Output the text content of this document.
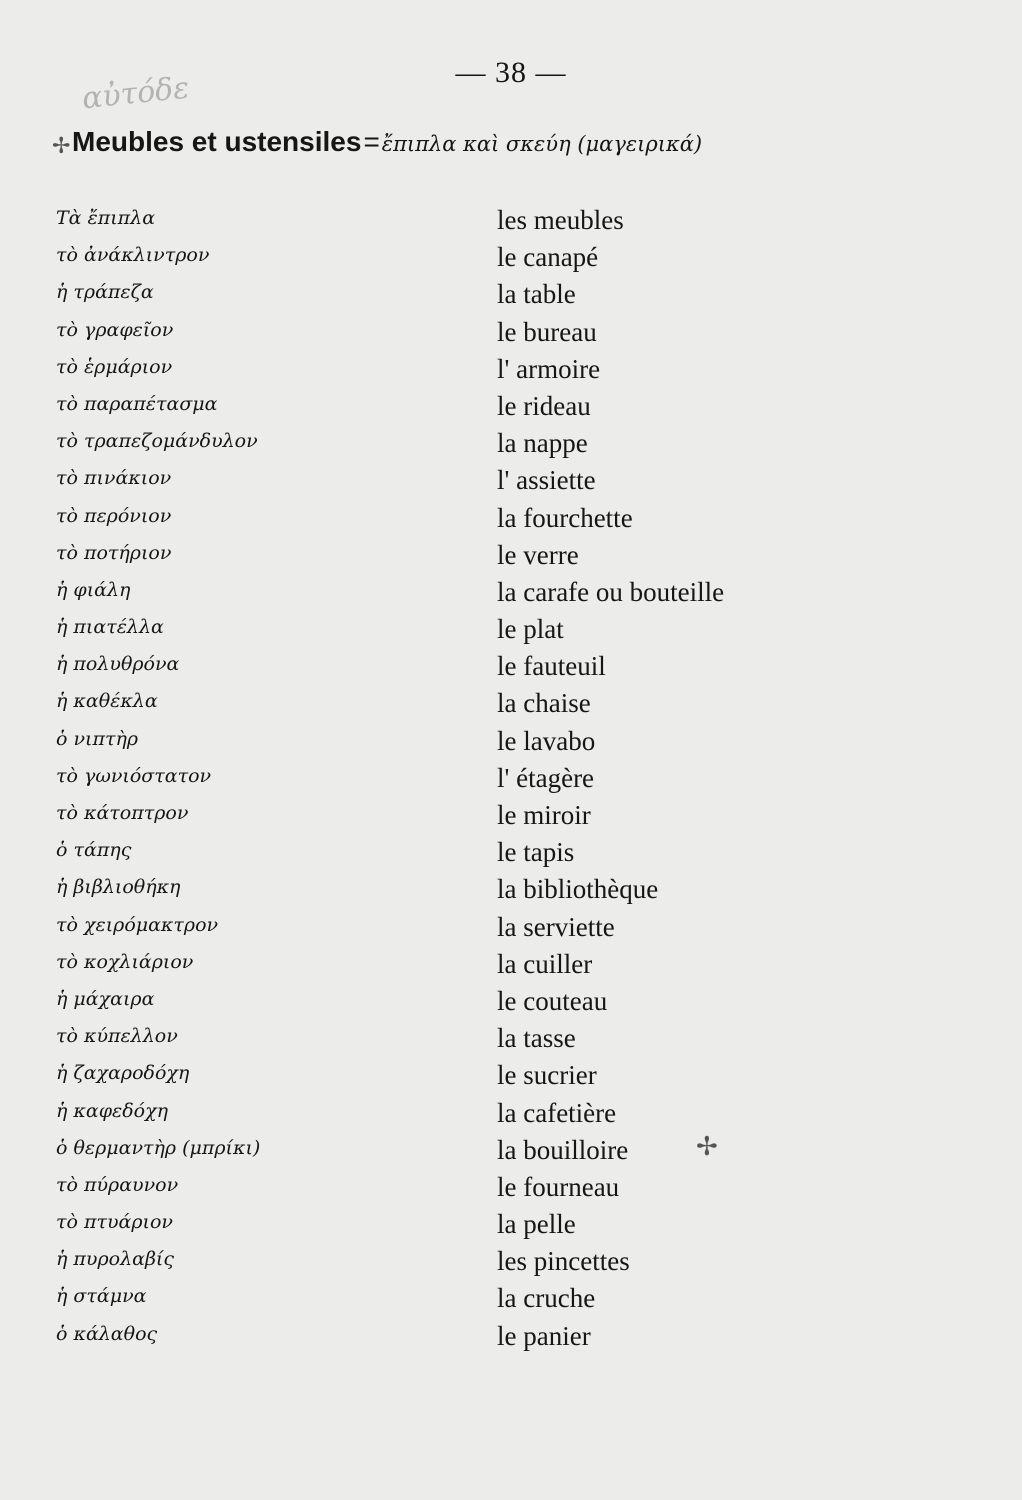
αὐτόδε	— 38 —
✢ Meubles et ustensiles=ἔπιπλα καὶ σκεύη (μαγειρικά)
Τὰ ἔπιπλα
τὸ ἀνάκλιντρον
ἡ τράπεζα
τὸ γραφεῖον
τὸ ἑρμάριον
τὸ παραπέτασμα
τὸ τραπεζομάνδυλον
τὸ πινάκιον
τὸ περόνιον
τὸ ποτήριον
ἡ φιάλη
ἡ πιατέλλα
ἡ πολυθρόνα
ἡ καθέκλα
ὁ νιπτὴρ
τὸ γωνιόστατον
τὸ κάτοπτρον
ὁ τάπης
ἡ βιβλιοθήκη
τὸ χειρόμακτρον
τὸ κοχλιάριον
ἡ μάχαιρα
τὸ κύπελλον
ἡ ζαχαροδόχη
ἡ καφεδόχη
ὁ θερμαντὴρ (μπρίκι)
τὸ πύραυνον
τὸ πτυάριον
ἡ πυρολαβίς
ἡ στάμνα
ὁ κάλαθος
les meubles
le canapé
la table
le bureau
l' armoire
le rideau
la nappe
l' assiette
la fourchette
le verre
la carafe ou bouteille
le plat
le fauteuil
la chaise
le lavabo
l' étagère
le miroir
le tapis
la bibliothèque
la serviette
la cuiller
le couteau
la tasse
le sucrier
la cafetière
la bouilloire
le fourneau
la pelle
les pincettes
la cruche
le panier
✢
